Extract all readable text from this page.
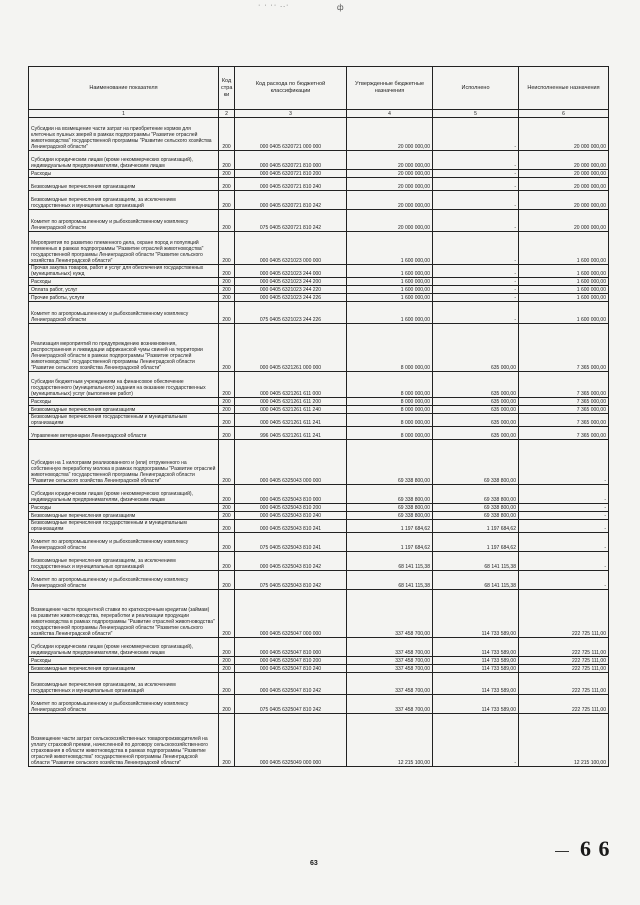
· · ·· ..·	ф
Наименование показателя	Код стра ки	Код расхода по бюджетной классификации	Утвержденные бюджетные назначения	Исполнено	Неисполненные назначения
1	2	3	4	5	6
Субсидии на возмещение части затрат на приобретение кормов для клеточных пушных зверей в рамках подпрограммы "Развитие отраслей животноводства" государственной программы "Развитие сельского хозяйства Ленинградской области"	200	000 0405 6320721 000 000	20 000 000,00	-	20 000 000,00
Субсидии юридическим лицам (кроме некоммерческих организаций), индивидуальным предпринимателям, физическим лицам	200	000 0405 6320721 810 000	20 000 000,00	-	20 000 000,00
Расходы	200	000 0405 6320721 810 200	20 000 000,00	-	20 000 000,00
Безвозмездные перечисления организациям	200	000 0405 6320721 810 240	20 000 000,00	-	20 000 000,00
Безвозмездные перечисления организациям, за исключением государственных и муниципальных организаций	200	000 0405 6320721 810 242	20 000 000,00	-	20 000 000,00
Комитет по агропромышленному и рыбохозяйственному комплексу Ленинградской области	200	075 0405 6320721 810 242	20 000 000,00	-	20 000 000,00
Мероприятия по развитию племенного дела, охране пород и популяций племенных в рамках подпрограммы "Развитие отраслей животноводства" государственной программы Ленинградской области "Развитие сельского хозяйства Ленинградской области"	200	000 0405 6321023 000 000	1 600 000,00	-	1 600 000,00
Прочая закупка товаров, работ и услуг для обеспечения государственных (муниципальных) нужд	200	000 0405 6321023 244 000	1 600 000,00	-	1 600 000,00
Расходы	200	000 0405 6321023 244 200	1 600 000,00	-	1 600 000,00
Оплата работ, услуг	200	000 0405 6321023 244 220	1 600 000,00	-	1 600 000,00
Прочие работы, услуги	200	000 0405 6321023 244 226	1 600 000,00	-	1 600 000,00
Комитет по агропромышленному и рыбохозяйственному комплексу Ленинградской области	200	075 0405 6321023 244 226	1 600 000,00	-	1 600 000,00
Реализация мероприятий по предупреждению возникновения, распространения и ликвидации африканской чумы свиней на территории Ленинградской области в рамках подпрограммы "Развитие отраслей животноводства" государственной программы Ленинградской области "Развитие сельского хозяйства Ленинградской области"	200	000 0405 6321261 000 000	8 000 000,00	635 000,00	7 365 000,00
Субсидии бюджетным учреждениям на финансовое обеспечение государственного (муниципального) задания на оказание государственных (муниципальных) услуг (выполнение работ)	200	000 0405 6321261 611 000	8 000 000,00	635 000,00	7 365 000,00
Расходы	200	000 0405 6321261 611 200	8 000 000,00	635 000,00	7 365 000,00
Безвозмездные перечисления организациям	200	000 0405 6321261 611 240	8 000 000,00	635 000,00	7 365 000,00
Безвозмездные перечисления государственным и муниципальным организациям	200	000 0405 6321261 611 241	8 000 000,00	635 000,00	7 365 000,00
Управление ветеринарии Ленинградской области	200	996 0405 6321261 611 241	8 000 000,00	635 000,00	7 365 000,00
Субсидии на 1 килограмм реализованного и (или) отгруженного на собственную переработку молока в рамках подпрограммы "Развитие отраслей животноводства" государственной программы Ленинградской области "Развитие сельского хозяйства Ленинградской области"	200	000 0405 6325043 000 000	69 338 800,00	69 338 800,00	-
Субсидии юридическим лицам (кроме некоммерческих организаций), индивидуальным предпринимателям, физическим лицам	200	000 0405 6325043 810 000	69 338 800,00	69 338 800,00	-
Расходы	200	000 0405 6325043 810 200	69 338 800,00	69 338 800,00	-
Безвозмездные перечисления организациям	200	000 0405 6325043 810 240	69 338 800,00	69 338 800,00	-
Безвозмездные перечисления государственным и муниципальным организациям	200	000 0405 6325043 810 241	1 197 684,62	1 197 684,62	-
Комитет по агропромышленному и рыбохозяйственному комплексу Ленинградской области	200	075 0405 6325043 810 241	1 197 684,62	1 197 684,62	-
Безвозмездные перечисления организациям, за исключением государственных и муниципальных организаций	200	000 0405 6325043 810 242	68 141 115,38	68 141 115,38	-
Комитет по агропромышленному и рыбохозяйственному комплексу Ленинградской области	200	075 0405 6325043 810 242	68 141 115,38	68 141 115,38	-
Возмещение части процентной ставки по краткосрочным кредитам (займам) на развитие животноводства, переработки и реализации продукции животноводства в рамках подпрограммы "Развитие отраслей животноводства" государственной программы Ленинградской области "Развитие сельского хозяйства Ленинградской области"	200	000 0405 6325047 000 000	337 458 700,00	114 733 589,00	222 725 111,00
Субсидии юридическим лицам (кроме некоммерческих организаций), индивидуальным предпринимателям, физическим лицам	200	000 0405 6325047 810 000	337 458 700,00	114 733 589,00	222 725 111,00
Расходы	200	000 0405 6325047 810 200	337 458 700,00	114 733 589,00	222 725 111,00
Безвозмездные перечисления организациям	200	000 0405 6325047 810 240	337 458 700,00	114 733 589,00	222 725 111,00
Безвозмездные перечисления организациям, за исключением государственных и муниципальных организаций	200	000 0405 6325047 810 242	337 458 700,00	114 733 589,00	222 725 111,00
Комитет по агропромышленному и рыбохозяйственному комплексу Ленинградской области	200	075 0405 6325047 810 242	337 458 700,00	114 733 589,00	222 725 111,00
Возмещение части затрат сельскохозяйственных товаропроизводителей на уплату страховой премии, начисленной по договору сельскохозяйственного страхования в области животноводства в рамках подпрограммы "Развитие отраслей животноводства" государственной программы Ленинградской области "Развитие сельского хозяйства Ленинградской области"	200	000 0405 6325049 000 000	12 215 100,00	-	12 215 100,00
63
6 6
